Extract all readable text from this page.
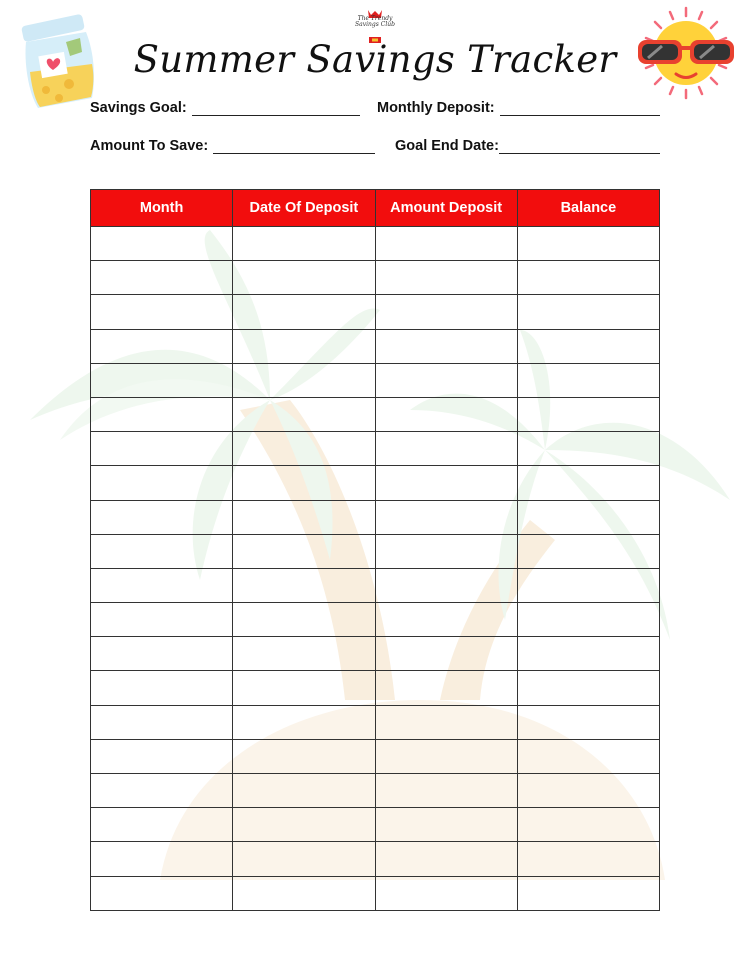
The Trendy
Savings Club
Summer Savings Tracker
Savings Goal:	Monthly Deposit:
Amount To Save:	Goal End Date:
Month	Date Of Deposit	Amount Deposit	Balance
